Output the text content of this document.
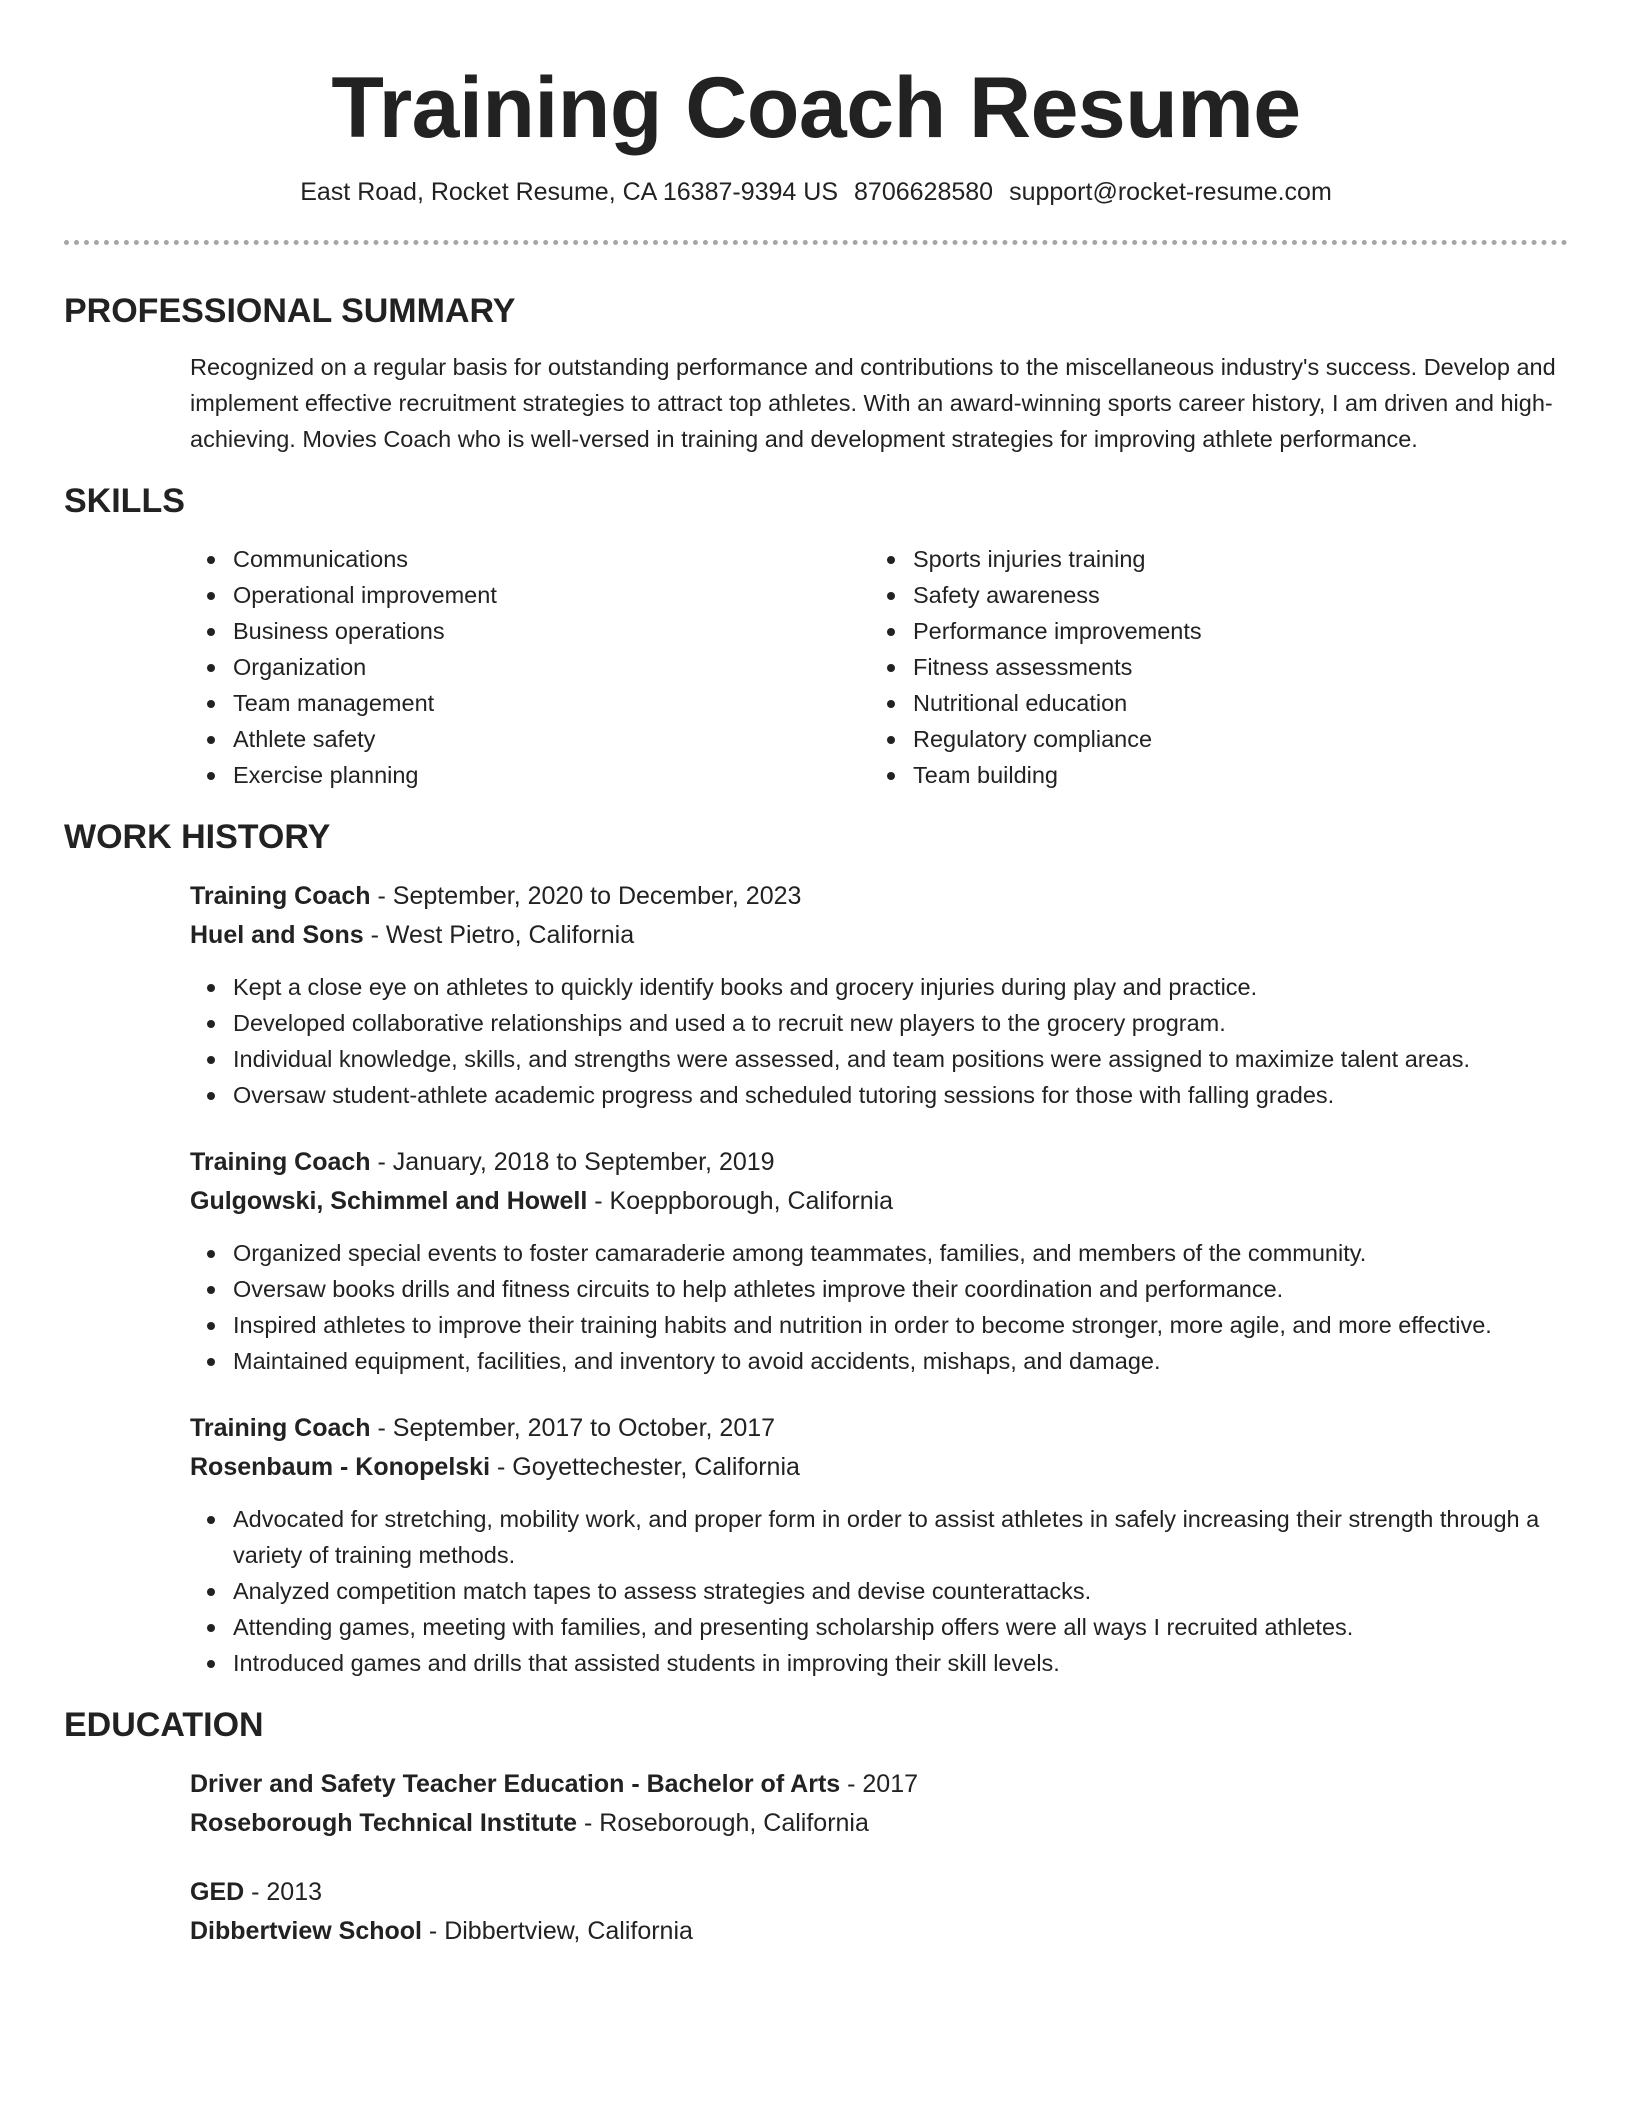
Training Coach Resume
East Road, Rocket Resume, CA 16387-9394 US 8706628580 support@rocket-resume.com
PROFESSIONAL SUMMARY

Recognized on a regular basis for outstanding performance and contributions to the miscellaneous industry's success. Develop and implement effective recruitment strategies to attract top athletes. With an award-winning sports career history, I am driven and high-achieving. Movies Coach who is well-versed in training and development strategies for improving athlete performance.

SKILLS
Communications
Operational improvement
Business operations
Organization
Team management
Athlete safety
Exercise planning
Sports injuries training
Safety awareness
Performance improvements
Fitness assessments
Nutritional education
Regulatory compliance
Team building
WORK HISTORY
Training Coach - September, 2020 to December, 2023
Huel and Sons - West Pietro, California
Kept a close eye on athletes to quickly identify books and grocery injuries during play and practice.
Developed collaborative relationships and used a to recruit new players to the grocery program.
Individual knowledge, skills, and strengths were assessed, and team positions were assigned to maximize talent areas.
Oversaw student-athlete academic progress and scheduled tutoring sessions for those with falling grades.
Training Coach - January, 2018 to September, 2019
Gulgowski, Schimmel and Howell - Koeppborough, California
Organized special events to foster camaraderie among teammates, families, and members of the community.
Oversaw books drills and fitness circuits to help athletes improve their coordination and performance.
Inspired athletes to improve their training habits and nutrition in order to become stronger, more agile, and more effective.
Maintained equipment, facilities, and inventory to avoid accidents, mishaps, and damage.
Training Coach - September, 2017 to October, 2017
Rosenbaum - Konopelski - Goyettechester, California
Advocated for stretching, mobility work, and proper form in order to assist athletes in safely increasing their strength through a variety of training methods.
Analyzed competition match tapes to assess strategies and devise counterattacks.
Attending games, meeting with families, and presenting scholarship offers were all ways I recruited athletes.
Introduced games and drills that assisted students in improving their skill levels.
EDUCATION
Driver and Safety Teacher Education - Bachelor of Arts - 2017
Roseborough Technical Institute - Roseborough, California
GED - 2013
Dibbertview School - Dibbertview, California
